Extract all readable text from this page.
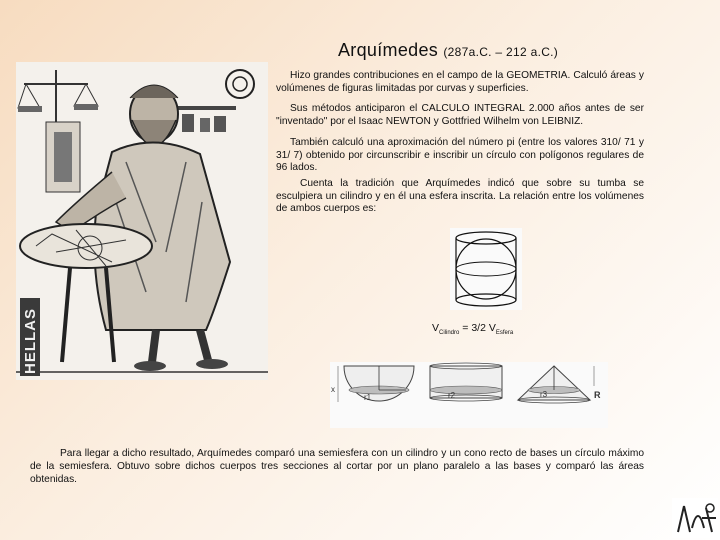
Arquímedes (287a.C. – 212 a.C.)
HELLAS

Hizo grandes contribuciones en el campo de la GEOMETRIA. Calculó áreas y volúmenes de figuras limitadas por curvas y superficies.

Sus métodos anticiparon el CALCULO INTEGRAL 2.000 años antes de ser "inventado" por el Isaac NEWTON y Gottfried Wilhelm von LEIBNIZ.

También calculó una aproximación del número pi (entre los valores 310/ 71 y 31/ 7) obtenido por circunscribir e inscribir un círculo con polígonos regulares de 96 lados.

Cuenta la tradición que Arquímedes indicó que sobre su tumba se esculpiera un cilindro y en él una esfera inscrita. La relación entre los volúmenes de ambos cuerpos es:

$V_{Cilindro} = 3/2$ $V_{Esfera}$
x
r1	r2	r3	R

Para llegar a dicho resultado, Arquímedes comparó una semiesfera con un cilindro y un cono recto de bases un círculo máximo de la semiesfera. Obtuvo sobre dichos cuerpos tres secciones al cortar por un plano paralelo a las bases y comparó las áreas obtenidas.
